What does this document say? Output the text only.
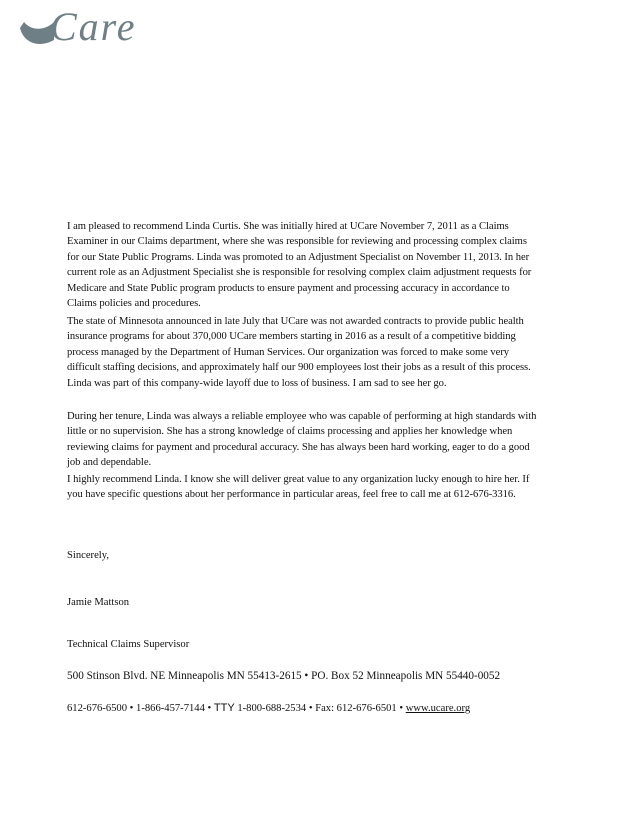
Care

I am pleased to recommend Linda Curtis. She was initially hired at UCare November 7, 2011 as a Claims Examiner in our Claims department, where she was responsible for reviewing and processing complex claims for our State Public Programs. Linda was promoted to an Adjustment Specialist on November 11, 2013. In her current role as an Adjustment Specialist she is responsible for resolving complex claim adjustment requests for Medicare and State Public program products to ensure payment and processing accuracy in accordance to Claims policies and procedures.

The state of Minnesota announced in late July that UCare was not awarded contracts to provide public health insurance programs for about 370,000 UCare members starting in 2016 as a result of a competitive bidding process managed by the Department of Human Services. Our organization was forced to make some very difficult staffing decisions, and approximately half our 900 employees lost their jobs as a result of this process. Linda was part of this company-wide layoff due to loss of business. I am sad to see her go.

During her tenure, Linda was always a reliable employee who was capable of performing at high standards with little or no supervision. She has a strong knowledge of claims processing and applies her knowledge when reviewing claims for payment and procedural accuracy. She has always been hard working, eager to do a good job and dependable.

I highly recommend Linda. I know she will deliver great value to any organization lucky enough to hire her. If you have specific questions about her performance in particular areas, feel free to call me at 612-676-3316.

Sincerely,

Jamie Mattson

Technical Claims Supervisor

500 Stinson Blvd. NE Minneapolis MN 55413-2615 • PO. Box 52 Minneapolis MN 55440-0052

612-676-6500 • 1-866-457-7144 • TTY 1-800-688-2534 • Fax: 612-676-6501 • www.ucare.org
